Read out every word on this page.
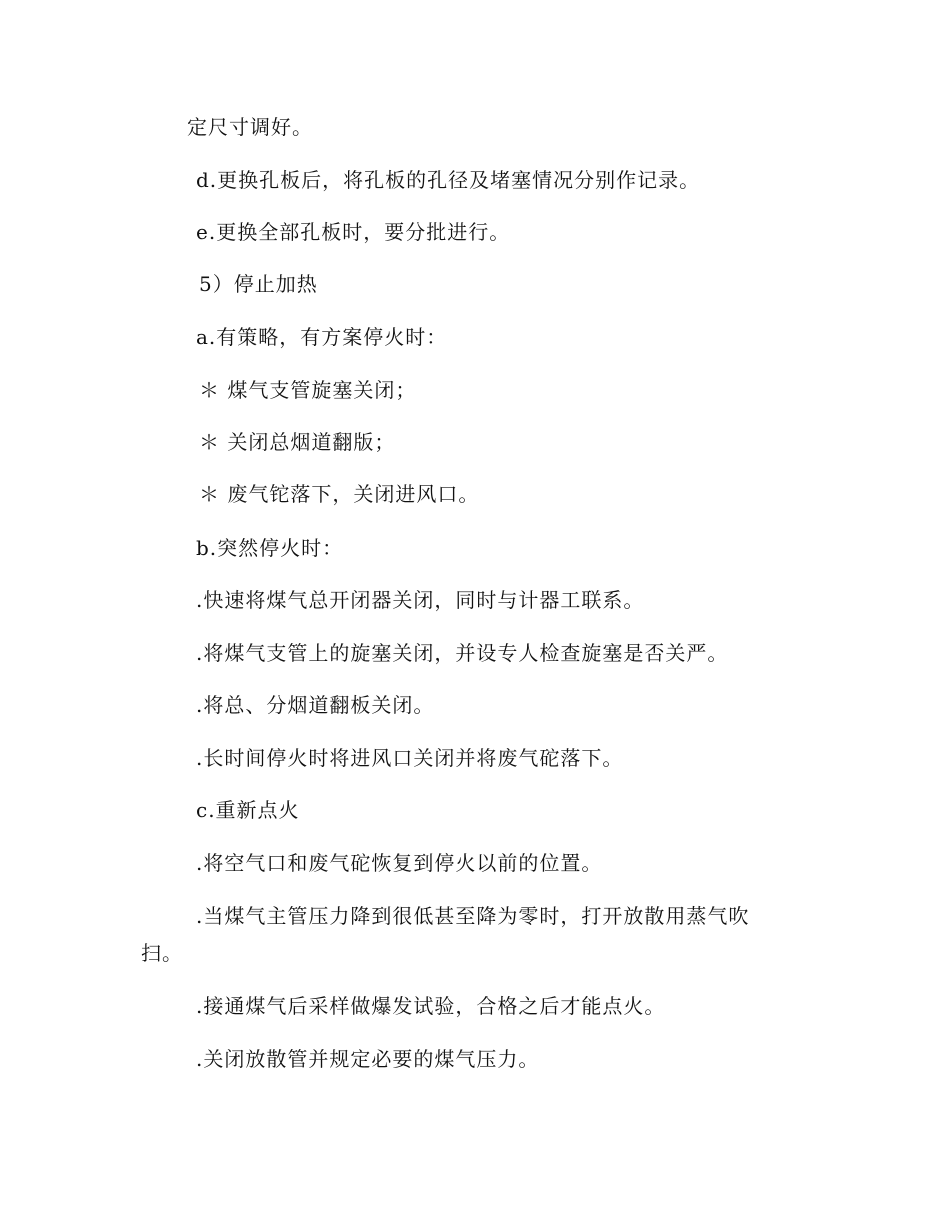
定尺寸调好。
d.更换孔板后，将孔板的孔径及堵塞情况分别作记录。
e.更换全部孔板时，要分批进行。
5）停止加热
a.有策略，有方案停火时：
＊ 煤气支管旋塞关闭；
＊ 关闭总烟道翻版；
＊ 废气铊落下，关闭进风口。
b.突然停火时：
.快速将煤气总开闭器关闭，同时与计器工联系。
.将煤气支管上的旋塞关闭，并设专人检查旋塞是否关严。
.将总、分烟道翻板关闭。
.长时间停火时将进风口关闭并将废气砣落下。
c.重新点火
.将空气口和废气砣恢复到停火以前的位置。
.当煤气主管压力降到很低甚至降为零时，打开放散用蒸气吹
扫。
.接通煤气后采样做爆发试验，合格之后才能点火。
.关闭放散管并规定必要的煤气压力。
